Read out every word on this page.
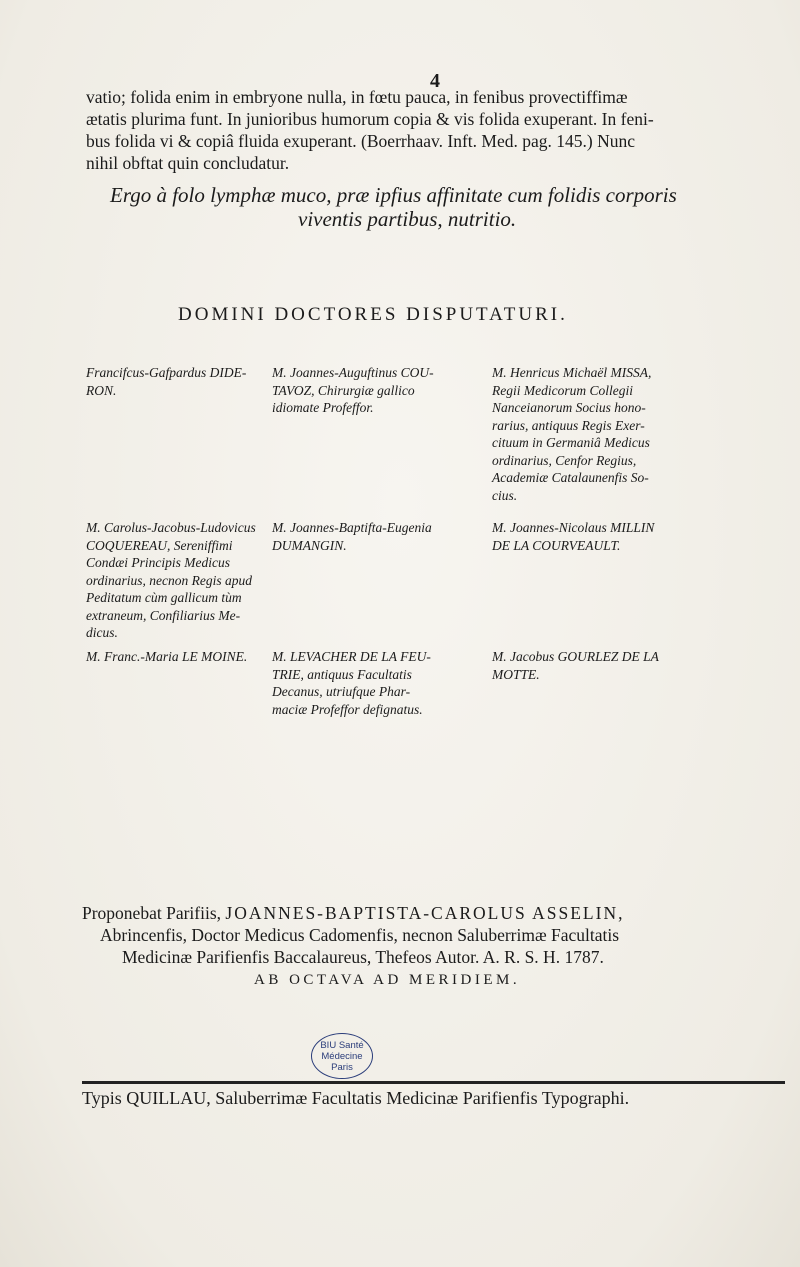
4
vatio; folida enim in embryone nulla, in fœtu pauca, in fenibus provectiffimæ
ætatis plurima funt. In junioribus humorum copia & vis folida exuperant. In feni-
bus folida vi & copiâ fluida exuperant. (Boerrhaav. Inft. Med. pag. 145.) Nunc
nihil obftat quin concludatur.
Ergo à folo lymphæ muco, præ ipfius affinitate cum folidis corporis
viventis partibus, nutritio.
DOMINI DOCTORES DISPUTATURI.
Francifcus-Gafpardus DIDE-
RON.
M. Carolus-Jacobus-Ludovicus
COQUEREAU, Sereniffimi
Condæi Principis Medicus
ordinarius, necnon Regis apud
Peditatum cùm gallicum tùm
extraneum, Confiliarius Me-
dicus.
M. Franc.-Maria LE MOINE.
M. Joannes-Auguftinus COU-
TAVOZ, Chirurgiæ gallico
idiomate Profeffor.
M. Joannes-Baptifta-Eugenia
DUMANGIN.
M. LEVACHER DE LA FEU-
TRIE, antiquus Facultatis
Decanus, utriufque Phar-
maciæ Profeffor defignatus.
M. Henricus Michaël MISSA,
Regii Medicorum Collegii
Nanceianorum Socius hono-
rarius, antiquus Regis Exer-
cituum in Germaniâ Medicus
ordinarius, Cenfor Regius,
Academiæ Catalaunenfis So-
cius.
M. Joannes-Nicolaus MILLIN
DE LA COURVEAULT.
M. Jacobus GOURLEZ DE LA
MOTTE.
Proponebat Parifiis, JOANNES-BAPTISTA-CAROLUS ASSELIN,
Abrincenfis, Doctor Medicus Cadomenfis, necnon Saluberrimæ Facultatis
Medicinæ Parifienfis Baccalaureus, Thefeos Autor. A. R. S. H. 1787.
AB OCTAVA AD MERIDIEM.
BIU Santé
Médecine
Paris
Typis QUILLAU, Saluberrimæ Facultatis Medicinæ Parifienfis Typographi.
